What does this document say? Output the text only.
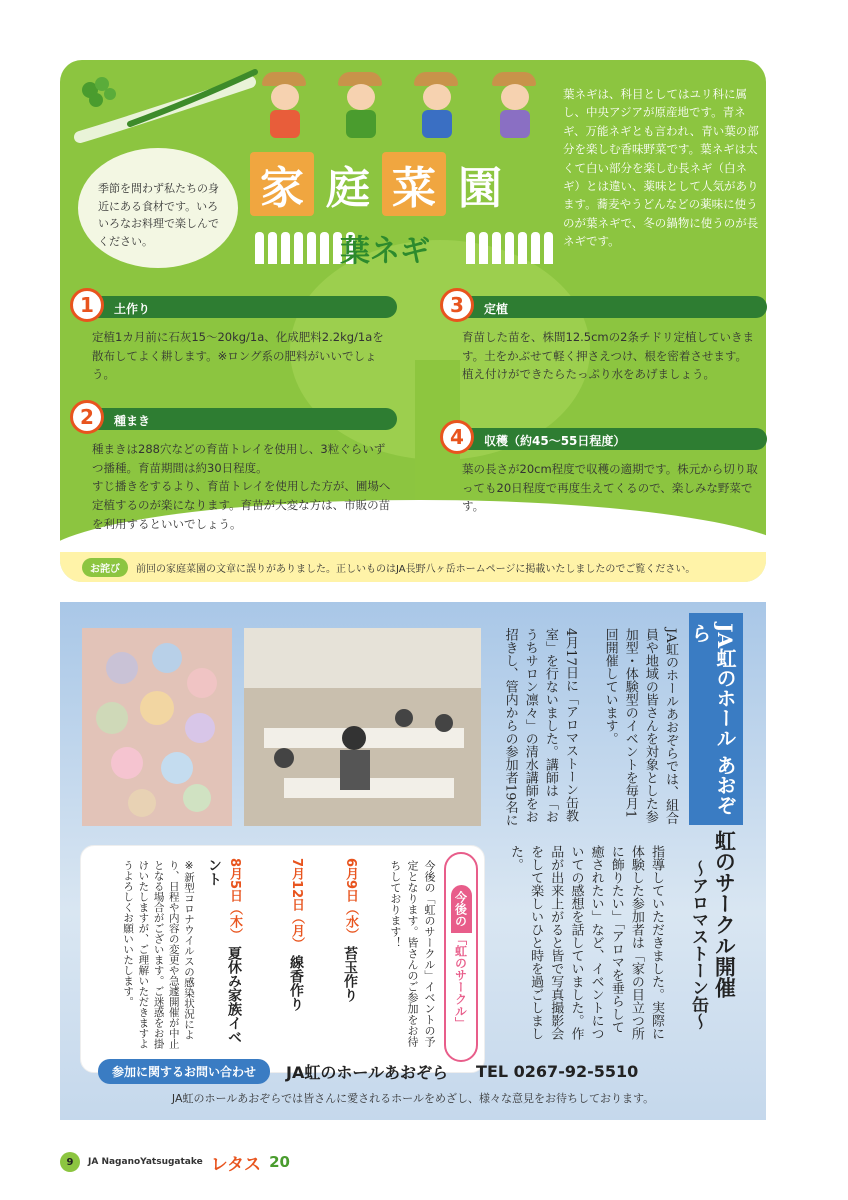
季節を問わず私たちの身近にある食材です。いろいろなお料理で楽しんでください。
家 庭 菜 園
葉ネギ
葉ネギは、科目としてはユリ科に属し、中央アジアが原産地です。青ネギ、万能ネギとも言われ、青い葉の部分を楽しむ香味野菜です。葉ネギは太くて白い部分を楽しむ長ネギ（白ネギ）とは違い、薬味として人気があります。蕎麦やうどんなどの薬味に使うのが葉ネギで、冬の鍋物に使うのが長ネギです。
1	土作り
定植1カ月前に石灰15〜20kg/1a、化成肥料2.2kg/1aを散布してよく耕します。※ロング系の肥料がいいでしょう。
2	種まき
種まきは288穴などの育苗トレイを使用し、3粒ぐらいずつ播種。育苗期間は約30日程度。
すじ播きをするより、育苗トレイを使用した方が、圃場へ定植するのが楽になります。育苗が大変な方は、市販の苗を利用するといいでしょう。
3	定植
育苗した苗を、株間12.5cmの2条チドリ定植していきます。土をかぶせて軽く押さえつけ、根を密着させます。
植え付けができたらたっぷり水をあげましょう。
4	収穫（約45〜55日程度）
葉の長さが20cm程度で収穫の適期です。株元から切り取っても20日程度で再度生えてくるので、楽しみな野菜です。
お詫び	前回の家庭菜園の文章に誤りがありました。正しいものはJA長野八ヶ岳ホームページに掲載いたしましたのでご覧ください。
JA虹のホール あおぞら
虹のサークル開催
〜アロマストーン缶〜
JA虹のホールあおぞらでは、組合員や地域の皆さんを対象とした参加型・体験型のイベントを毎月1回開催しています。
4月17日に「アロマストーン缶教室」を行ないました。講師は「おうちサロン凛々」の清水講師をお招きし、管内からの参加者19名に
指導していただきました。実際に体験した参加者は「家の目立つ所に飾りたい」「アロマを垂らして癒されたい」など、イベントについての感想を話していました。作品が出来上がると皆で写真撮影会をして楽しいひと時を過ごしました。
今後の
「虹のサークル」
今後の「虹のサークル」イベントの予定となります。皆さんのご参加をお待ちしております！
6月9日（水） 苔玉作り
7月12日（月） 線香作り
8月5日（木） 夏休み家族イベント
※新型コロナウイルスの感染状況により、日程や内容の変更や急遽開催が中止となる場合がございます。ご迷惑をお掛けいたしますが、ご理解いただきますようよろしくお願いいたします。
参加に関するお問い合わせ	JA虹のホールあおぞら TEL 0267-92-5510
JA虹のホールあおぞらでは皆さんに愛されるホールをめざし、様々な意見をお待ちしております。
9	JA NaganoYatsugatake レタス 20
